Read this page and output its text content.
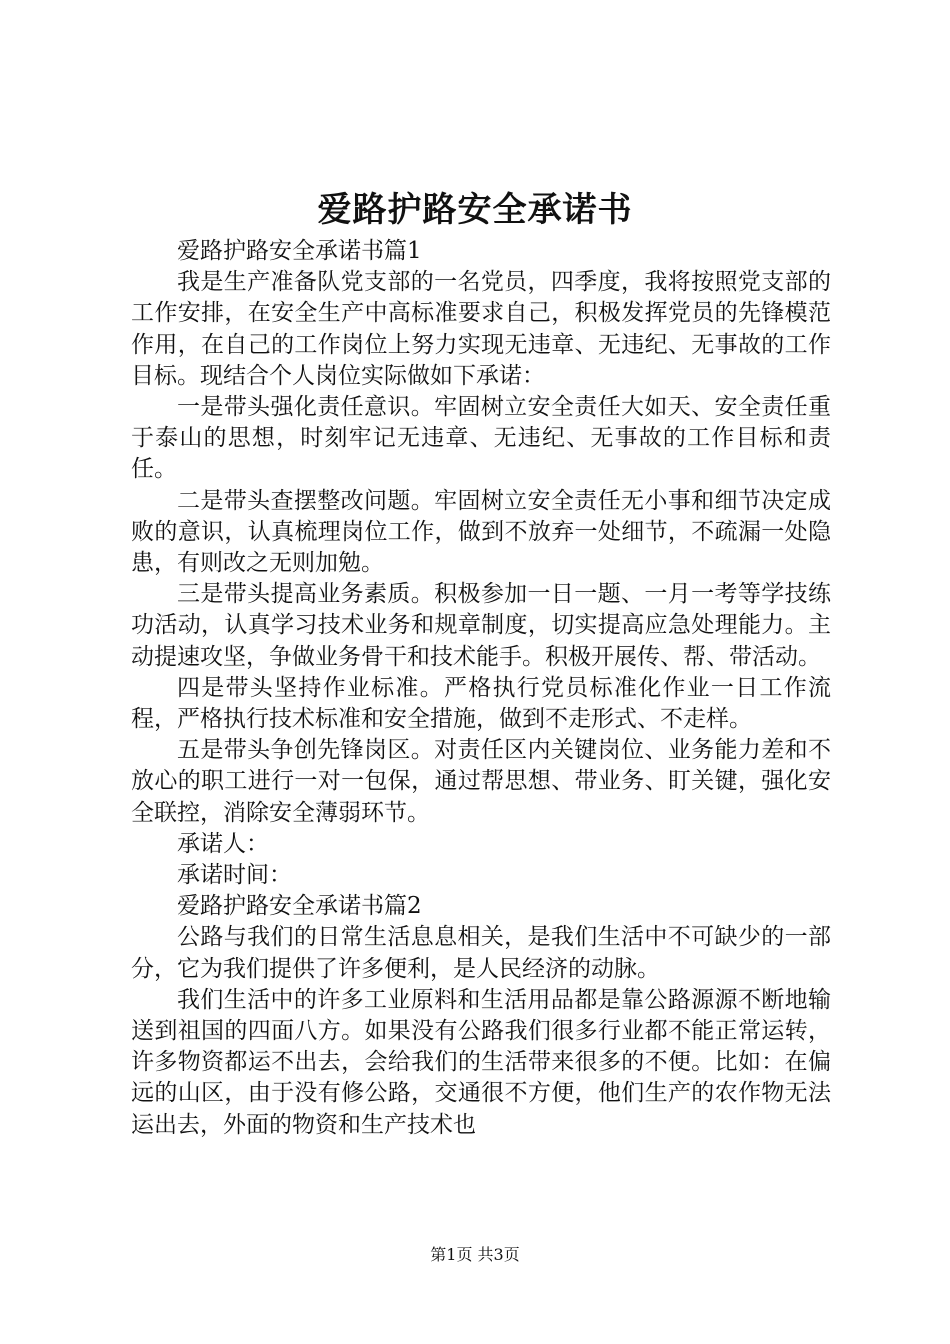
爱路护路安全承诺书

爱路护路安全承诺书篇1

我是生产准备队党支部的一名党员，四季度，我将按照党支部的工作安排，在安全生产中高标准要求自己，积极发挥党员的先锋模范作用，在自己的工作岗位上努力实现无违章、无违纪、无事故的工作目标。现结合个人岗位实际做如下承诺：

一是带头强化责任意识。牢固树立安全责任大如天、安全责任重于泰山的思想，时刻牢记无违章、无违纪、无事故的工作目标和责任。

二是带头查摆整改问题。牢固树立安全责任无小事和细节决定成败的意识，认真梳理岗位工作，做到不放弃一处细节，不疏漏一处隐患，有则改之无则加勉。

三是带头提高业务素质。积极参加一日一题、一月一考等学技练功活动，认真学习技术业务和规章制度，切实提高应急处理能力。主动提速攻坚，争做业务骨干和技术能手。积极开展传、帮、带活动。

四是带头坚持作业标准。严格执行党员标准化作业一日工作流程，严格执行技术标准和安全措施，做到不走形式、不走样。

五是带头争创先锋岗区。对责任区内关键岗位、业务能力差和不放心的职工进行一对一包保，通过帮思想、带业务、盯关键，强化安全联控，消除安全薄弱环节。

承诺人：

承诺时间：

爱路护路安全承诺书篇2

公路与我们的日常生活息息相关，是我们生活中不可缺少的一部分，它为我们提供了许多便利，是人民经济的动脉。

我们生活中的许多工业原料和生活用品都是靠公路源源不断地输送到祖国的四面八方。如果没有公路我们很多行业都不能正常运转，许多物资都运不出去，会给我们的生活带来很多的不便。比如：在偏远的山区，由于没有修公路，交通很不方便，他们生产的农作物无法运出去，外面的物资和生产技术也

第1页 共3页
